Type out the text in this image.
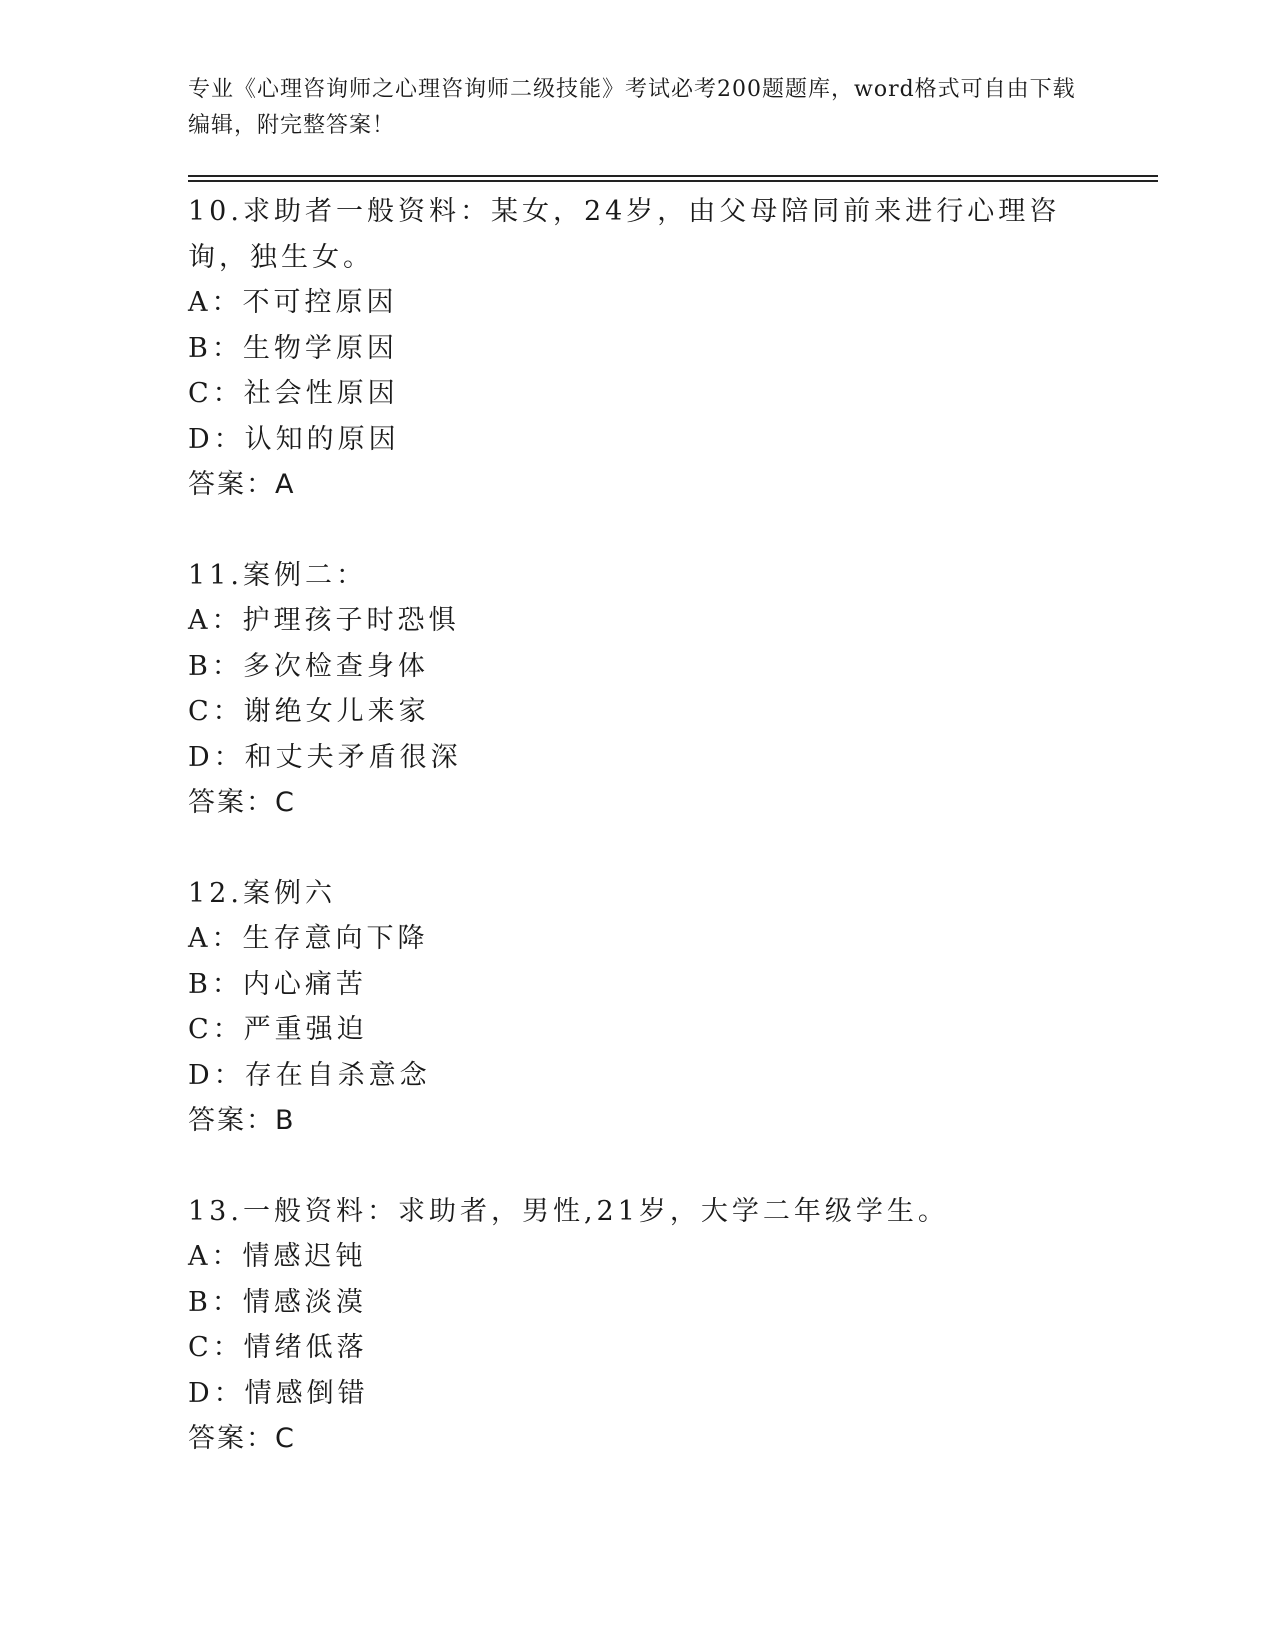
专业《心理咨询师之心理咨询师二级技能》考试必考200题题库，word格式可自由下载编辑，附完整答案！
10.求助者一般资料：某女，24岁，由父母陪同前来进行心理咨询，独生女。
A：不可控原因
B：生物学原因
C：社会性原因
D：认知的原因
答案：A
11.案例二：
A：护理孩子时恐惧
B：多次检查身体
C：谢绝女儿来家
D：和丈夫矛盾很深
答案：C
12.案例六
A：生存意向下降
B：内心痛苦
C：严重强迫
D：存在自杀意念
答案：B
13.一般资料：求助者，男性,21岁，大学二年级学生。
A：情感迟钝
B：情感淡漠
C：情绪低落
D：情感倒错
答案：C
